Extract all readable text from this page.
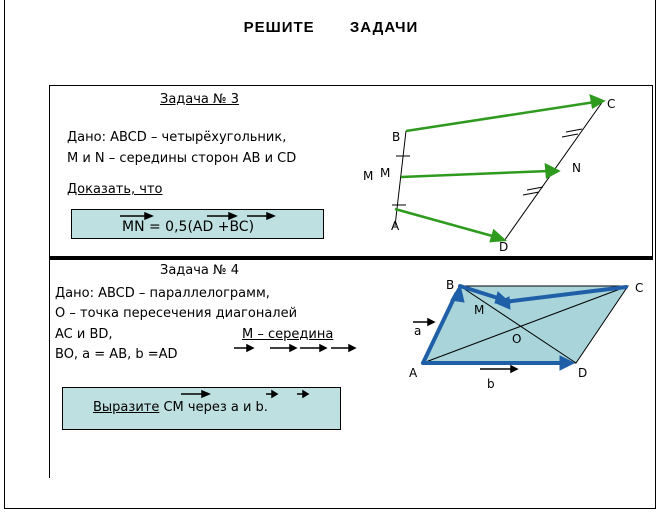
РЕШИТЕ ЗАДАЧИ
Задача № 3
Дано: ABCD – четырёхугольник,
M и N – середины сторон AB и CD
Доказать, что
MN = 0,5(AD +BC)
B
C
M M	N
A
D
Задача № 4
Дано: ABCD – параллелограмм,
O – точка пересечения диагоналей
AC и BD,	M – середина
BO, a = AB, b =AD
Выразите CM через a и b.
B	C
M
O
A	D
a
b
